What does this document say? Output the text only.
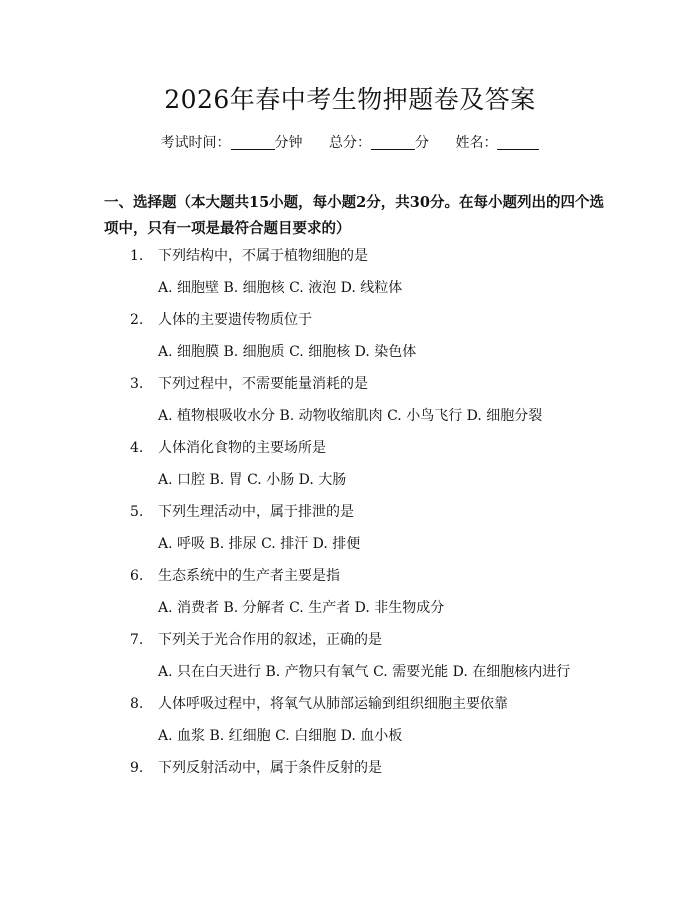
2026年春中考生物押题卷及答案
考试时间：	分钟 总分：	分 姓名：
一、选择题（本大题共15小题，每小题2分，共30分。在每小题列出的四个选项中，只有一项是最符合题目要求的）
1. 下列结构中，不属于植物细胞的是
A. 细胞壁 B. 细胞核 C. 液泡 D. 线粒体
2. 人体的主要遗传物质位于
A. 细胞膜 B. 细胞质 C. 细胞核 D. 染色体
3. 下列过程中，不需要能量消耗的是
A. 植物根吸收水分 B. 动物收缩肌肉 C. 小鸟飞行 D. 细胞分裂
4. 人体消化食物的主要场所是
A. 口腔 B. 胃 C. 小肠 D. 大肠
5. 下列生理活动中，属于排泄的是
A. 呼吸 B. 排尿 C. 排汗 D. 排便
6. 生态系统中的生产者主要是指
A. 消费者 B. 分解者 C. 生产者 D. 非生物成分
7. 下列关于光合作用的叙述，正确的是
A. 只在白天进行 B. 产物只有氧气 C. 需要光能 D. 在细胞核内进行
8. 人体呼吸过程中，将氧气从肺部运输到组织细胞主要依靠
A. 血浆 B. 红细胞 C. 白细胞 D. 血小板
9. 下列反射活动中，属于条件反射的是
